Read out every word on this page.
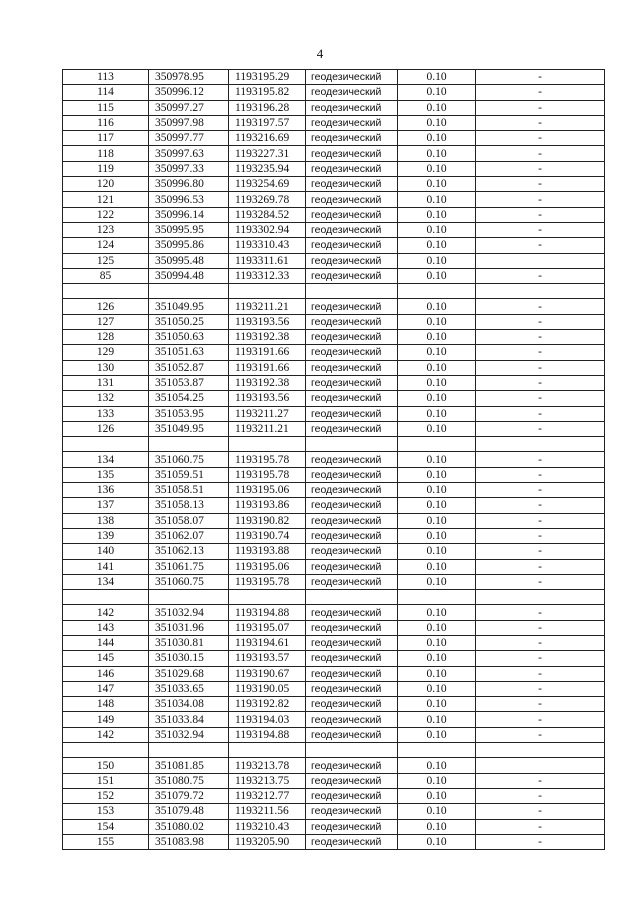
4
113	350978.95	1193195.29	геодезический	0.10	-
114	350996.12	1193195.82	геодезический	0.10	-
115	350997.27	1193196.28	геодезический	0.10	-
116	350997.98	1193197.57	геодезический	0.10	-
117	350997.77	1193216.69	геодезический	0.10	-
118	350997.63	1193227.31	геодезический	0.10	-
119	350997.33	1193235.94	геодезический	0.10	-
120	350996.80	1193254.69	геодезический	0.10	-
121	350996.53	1193269.78	геодезический	0.10	-
122	350996.14	1193284.52	геодезический	0.10	-
123	350995.95	1193302.94	геодезический	0.10	-
124	350995.86	1193310.43	геодезический	0.10	-
125	350995.48	1193311.61	геодезический	0.10	
85	350994.48	1193312.33	геодезический	0.10	-

126	351049.95	1193211.21	геодезический	0.10	-
127	351050.25	1193193.56	геодезический	0.10	-
128	351050.63	1193192.38	геодезический	0.10	-
129	351051.63	1193191.66	геодезический	0.10	-
130	351052.87	1193191.66	геодезический	0.10	-
131	351053.87	1193192.38	геодезический	0.10	-
132	351054.25	1193193.56	геодезический	0.10	-
133	351053.95	1193211.27	геодезический	0.10	-
126	351049.95	1193211.21	геодезический	0.10	-

134	351060.75	1193195.78	геодезический	0.10	-
135	351059.51	1193195.78	геодезический	0.10	-
136	351058.51	1193195.06	геодезический	0.10	-
137	351058.13	1193193.86	геодезический	0.10	-
138	351058.07	1193190.82	геодезический	0.10	-
139	351062.07	1193190.74	геодезический	0.10	-
140	351062.13	1193193.88	геодезический	0.10	-
141	351061.75	1193195.06	геодезический	0.10	-
134	351060.75	1193195.78	геодезический	0.10	-

142	351032.94	1193194.88	геодезический	0.10	-
143	351031.96	1193195.07	геодезический	0.10	-
144	351030.81	1193194.61	геодезический	0.10	-
145	351030.15	1193193.57	геодезический	0.10	-
146	351029.68	1193190.67	геодезический	0.10	-
147	351033.65	1193190.05	геодезический	0.10	-
148	351034.08	1193192.82	геодезический	0.10	-
149	351033.84	1193194.03	геодезический	0.10	-
142	351032.94	1193194.88	геодезический	0.10	-

150	351081.85	1193213.78	геодезический	0.10	
151	351080.75	1193213.75	геодезический	0.10	-
152	351079.72	1193212.77	геодезический	0.10	-
153	351079.48	1193211.56	геодезический	0.10	-
154	351080.02	1193210.43	геодезический	0.10	-
155	351083.98	1193205.90	геодезический	0.10	-
